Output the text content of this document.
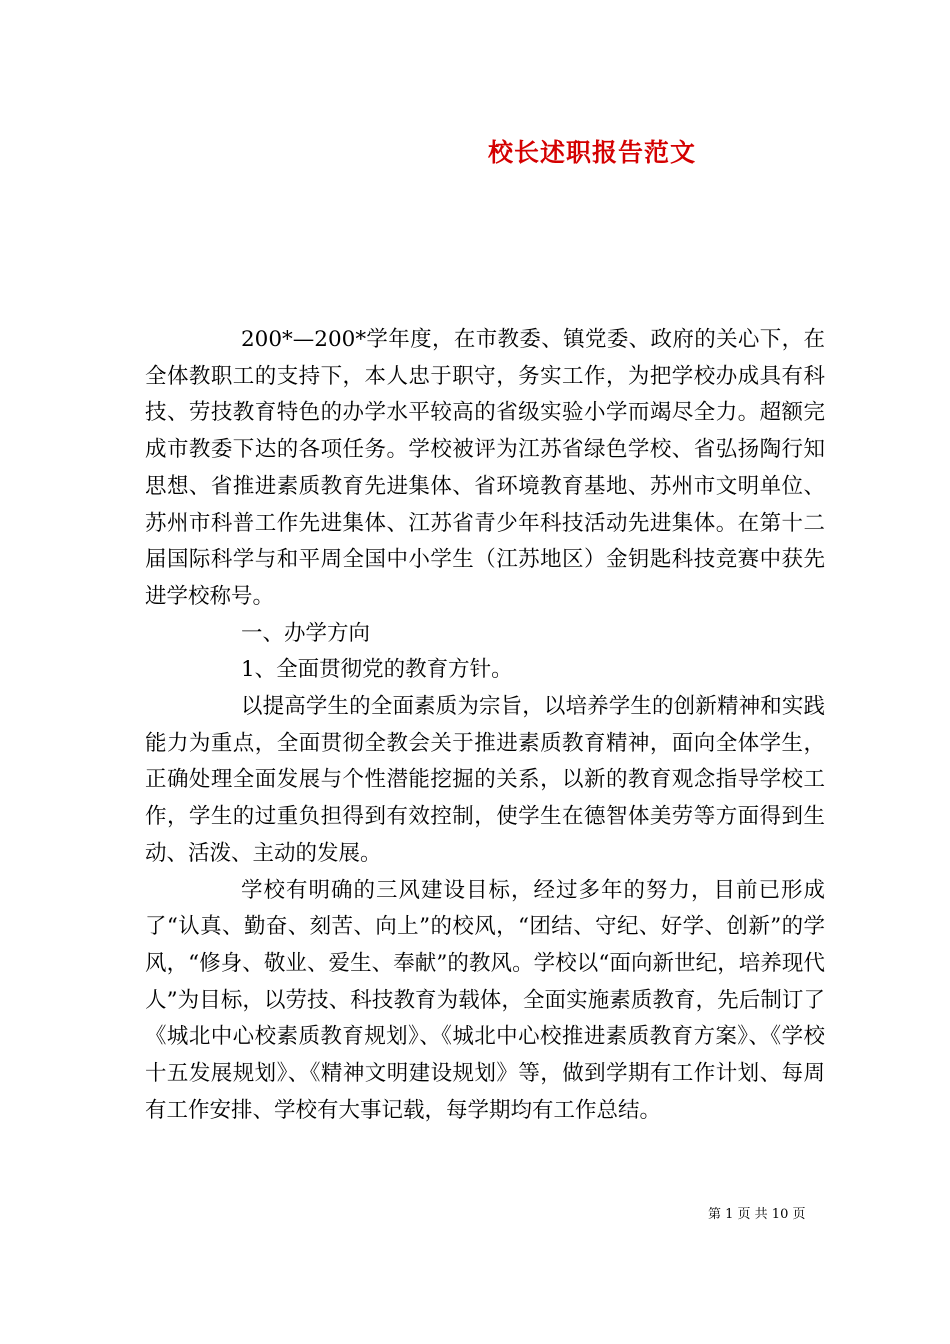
校长述职报告范文

200*—200*学年度，在市教委、镇党委、政府的关心下，在全体教职工的支持下，本人忠于职守，务实工作，为把学校办成具有科技、劳技教育特色的办学水平较高的省级实验小学而竭尽全力。超额完成市教委下达的各项任务。学校被评为江苏省绿色学校、省弘扬陶行知思想、省推进素质教育先进集体、省环境教育基地、苏州市文明单位、苏州市科普工作先进集体、江苏省青少年科技活动先进集体。在第十二届国际科学与和平周全国中小学生（江苏地区）金钥匙科技竞赛中获先进学校称号。

一、办学方向

1、全面贯彻党的教育方针。

以提高学生的全面素质为宗旨，以培养学生的创新精神和实践能力为重点，全面贯彻全教会关于推进素质教育精神，面向全体学生，正确处理全面发展与个性潜能挖掘的关系，以新的教育观念指导学校工作，学生的过重负担得到有效控制，使学生在德智体美劳等方面得到生动、活泼、主动的发展。

学校有明确的三风建设目标，经过多年的努力，目前已形成了“认真、勤奋、刻苦、向上”的校风，“团结、守纪、好学、创新”的学风，“修身、敬业、爱生、奉献”的教风。学校以“面向新世纪，培养现代人”为目标，以劳技、科技教育为载体，全面实施素质教育，先后制订了《城北中心校素质教育规划》、《城北中心校推进素质教育方案》、《学校十五发展规划》、《精神文明建设规划》等，做到学期有工作计划、每周有工作安排、学校有大事记载，每学期均有工作总结。

第 1 页 共 10 页
